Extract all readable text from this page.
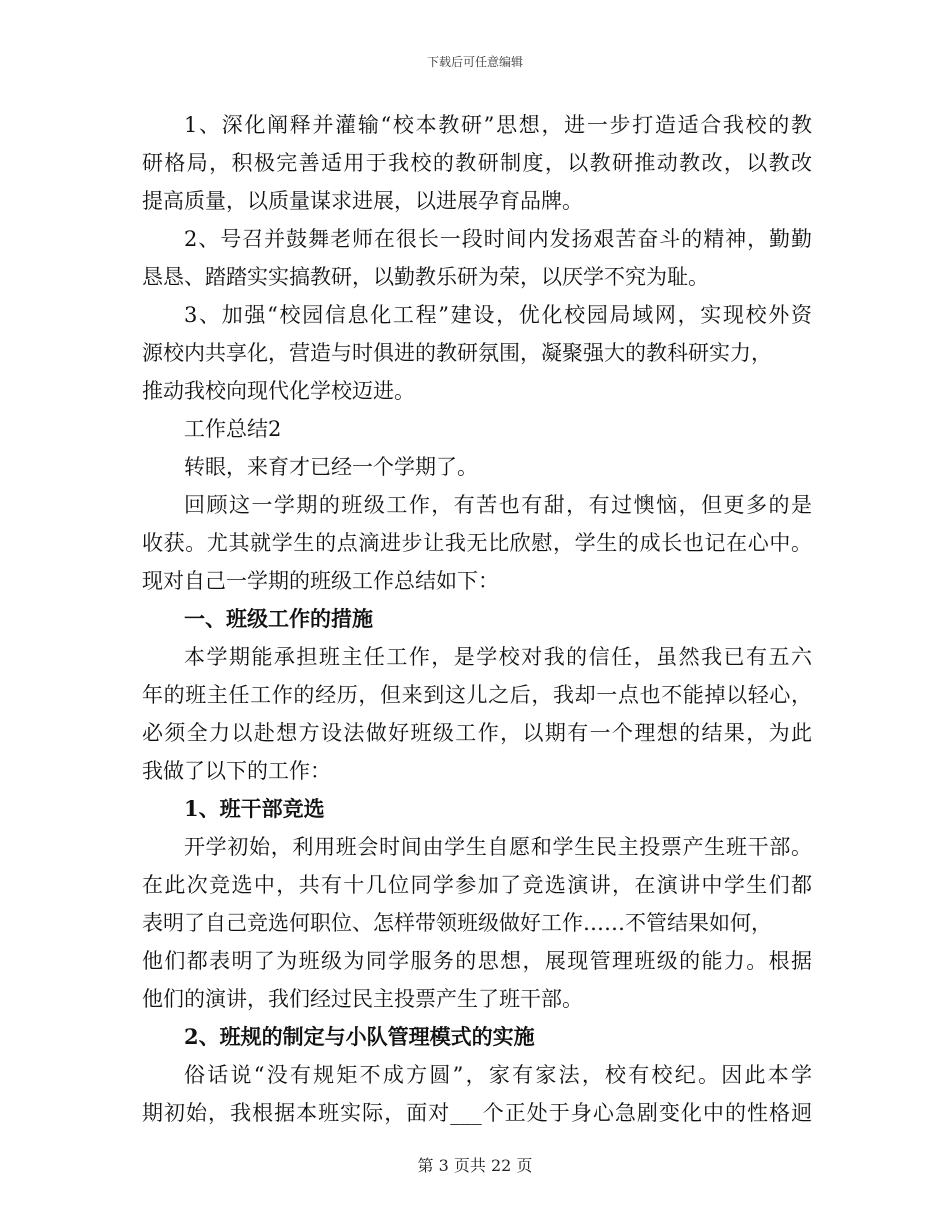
下载后可任意编辑
1、深化阐释并灌输“校本教研”思想，进一步打造适合我校的教
研格局，积极完善适用于我校的教研制度，以教研推动教改，以教改
提高质量，以质量谋求进展，以进展孕育品牌。
2、号召并鼓舞老师在很长一段时间内发扬艰苦奋斗的精神，勤勤
恳恳、踏踏实实搞教研，以勤教乐研为荣，以厌学不究为耻。
3、加强“校园信息化工程”建设，优化校园局域网，实现校外资
源校内共享化，营造与时俱进的教研氛围，凝聚强大的教科研实力，
推动我校向现代化学校迈进。
工作总结2
转眼，来育才已经一个学期了。
回顾这一学期的班级工作，有苦也有甜，有过懊恼，但更多的是
收获。尤其就学生的点滴进步让我无比欣慰，学生的成长也记在心中。
现对自己一学期的班级工作总结如下：
一、班级工作的措施
本学期能承担班主任工作，是学校对我的信任，虽然我已有五六
年的班主任工作的经历，但来到这儿之后，我却一点也不能掉以轻心，
必须全力以赴想方设法做好班级工作，以期有一个理想的结果，为此
我做了以下的工作：
1、班干部竞选
开学初始，利用班会时间由学生自愿和学生民主投票产生班干部。
在此次竞选中，共有十几位同学参加了竞选演讲，在演讲中学生们都
表明了自己竞选何职位、怎样带领班级做好工作……不管结果如何，
他们都表明了为班级为同学服务的思想，展现管理班级的能力。根据
他们的演讲，我们经过民主投票产生了班干部。
2、班规的制定与小队管理模式的实施
俗话说“没有规矩不成方圆”，家有家法，校有校纪。因此本学
期初始，我根据本班实际，面对___个正处于身心急剧变化中的性格迥
第 3 页共 22 页
